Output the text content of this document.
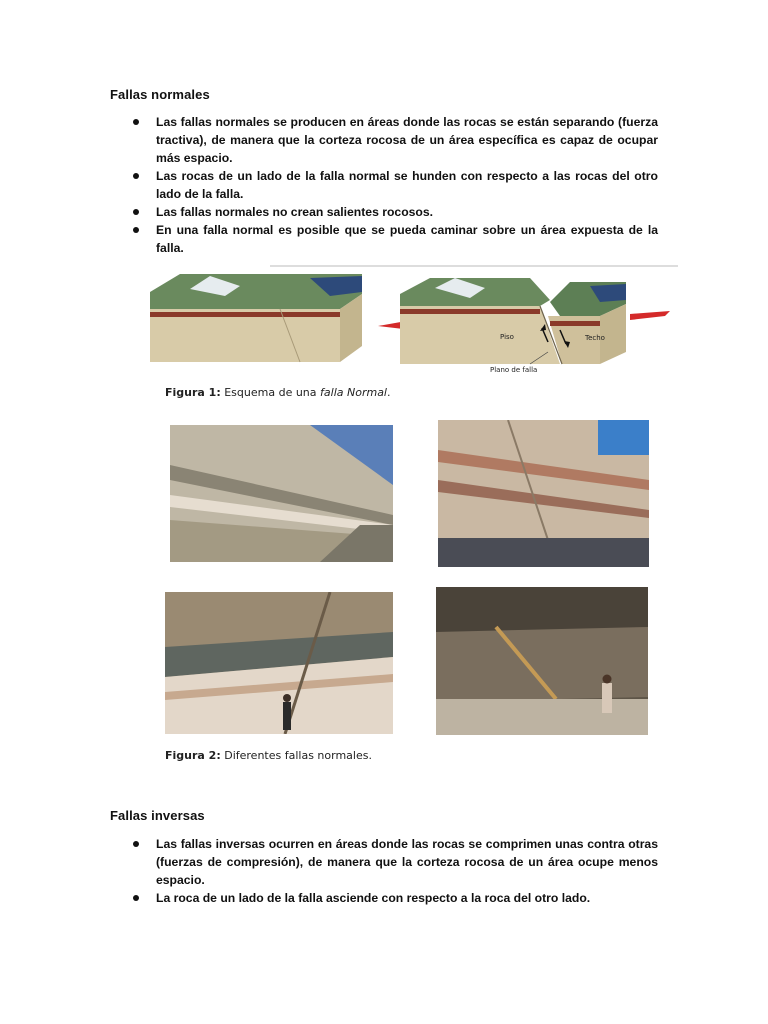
Fallas normales
Las fallas normales se producen en áreas donde las rocas se están separando (fuerza tractiva), de manera que la corteza rocosa de un área específica es capaz de ocupar más espacio.
Las rocas de un lado de la falla normal se hunden con respecto a las rocas del otro lado de la falla.
Las fallas normales no crean salientes rocosos.
En una falla normal es posible que se pueda caminar sobre un área expuesta de la falla.
Piso	Techo
Plano de falla
Figura 1: Esquema de una falla Normal.
Figura 2: Diferentes fallas normales.
Fallas inversas
Las fallas inversas ocurren en áreas donde las rocas se comprimen unas contra otras (fuerzas de compresión), de manera que la corteza rocosa de un área ocupe menos espacio.
La roca de un lado de la falla asciende con respecto a la roca del otro lado.
